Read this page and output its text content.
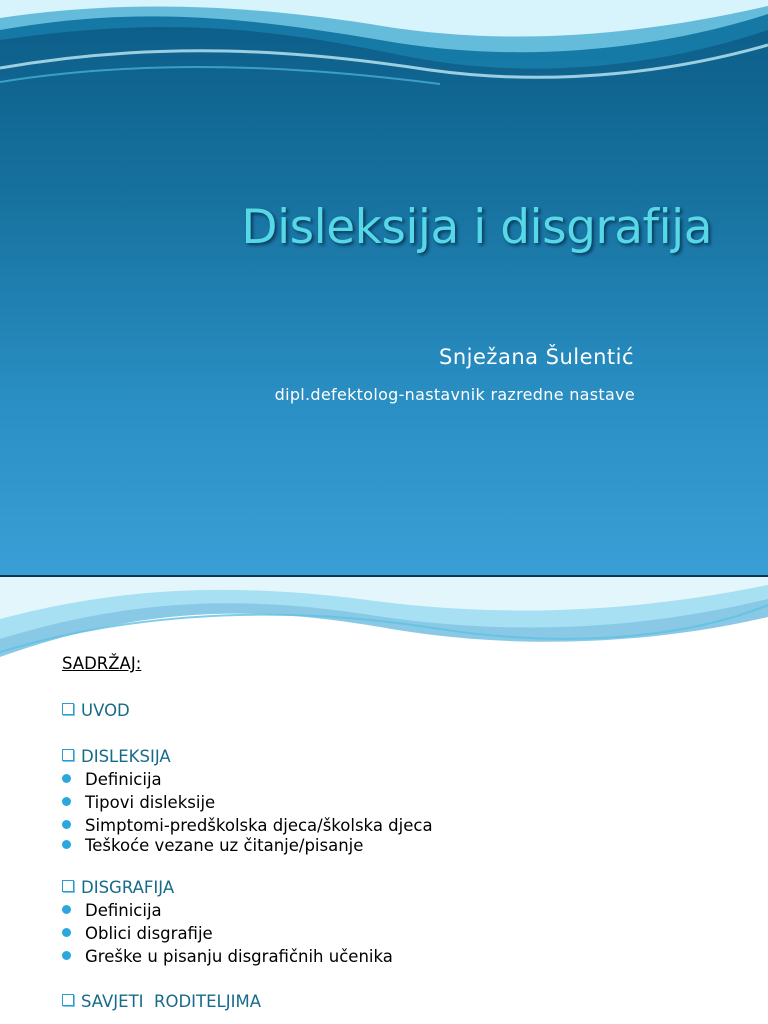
Disleksija i disgrafija
Snježana Šulentić
dipl.defektolog-nastavnik razredne nastave
SADRŽAJ:
UVOD
DISLEKSIJA
Definicija
Tipovi disleksije
Simptomi-predškolska djeca/školska djeca
Teškoće vezane uz čitanje/pisanje
DISGRAFIJA
Definicija
Oblici disgrafije
Greške u pisanju disgrafičnih učenika
SAVJETI  RODITELJIMA
